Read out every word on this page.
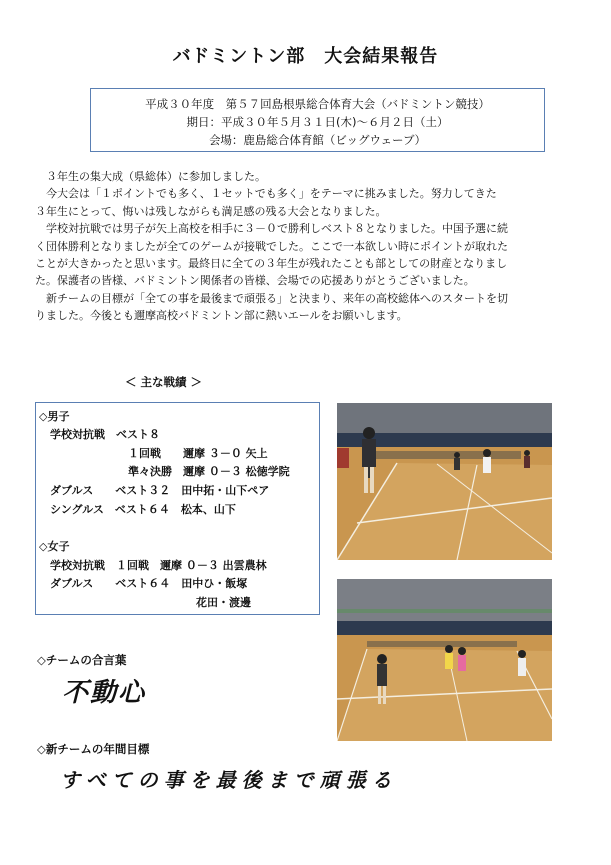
バドミントン部　大会結果報告
平成３０年度　第５７回島根県総合体育大会（バドミントン競技）
期日：平成３０年５月３１日(木)～６月２日（土）
会場：鹿島総合体育館（ビッグウェーブ）

　３年生の集大成（県総体）に参加しました。

　今大会は「１ポイントでも多く、１セットでも多く」をテーマに挑みました。努力してきた

３年生にとって、悔いは残しながらも満足感の残る大会となりました。

　学校対抗戦では男子が矢上高校を相手に３－０で勝利しベスト８となりました。中国予選に続

く団体勝利となりましたが全てのゲームが接戦でした。ここで一本欲しい時にポイントが取れた

ことが大きかったと思います。最終日に全ての３年生が残れたことも部としての財産となりまし

た。保護者の皆様、バドミントン関係者の皆様、会場での応援ありがとうございました。

　新チームの目標が「全ての事を最後まで頑張る」と決まり、来年の高校総体へのスタートを切

りました。今後とも邇摩高校バドミントン部に熱いエールをお願いします。

＜ 主な戦績 ＞
◇男子
学校対抗戦　ベスト８
１回戦　　邇摩 ３－０ 矢上
準々決勝　邇摩 ０－３ 松徳学院
ダブルス　　ベスト３２　田中拓・山下ペア
シングルス　ベスト６４　松本、山下
◇女子
学校対抗戦　１回戦　邇摩 ０－３ 出雲農林
ダブルス　　ベスト６４　田中ひ・飯塚
花田・渡邊
◇チームの合言葉
不動心
◇新チームの年間目標
すべての事を最後まで頑張る
